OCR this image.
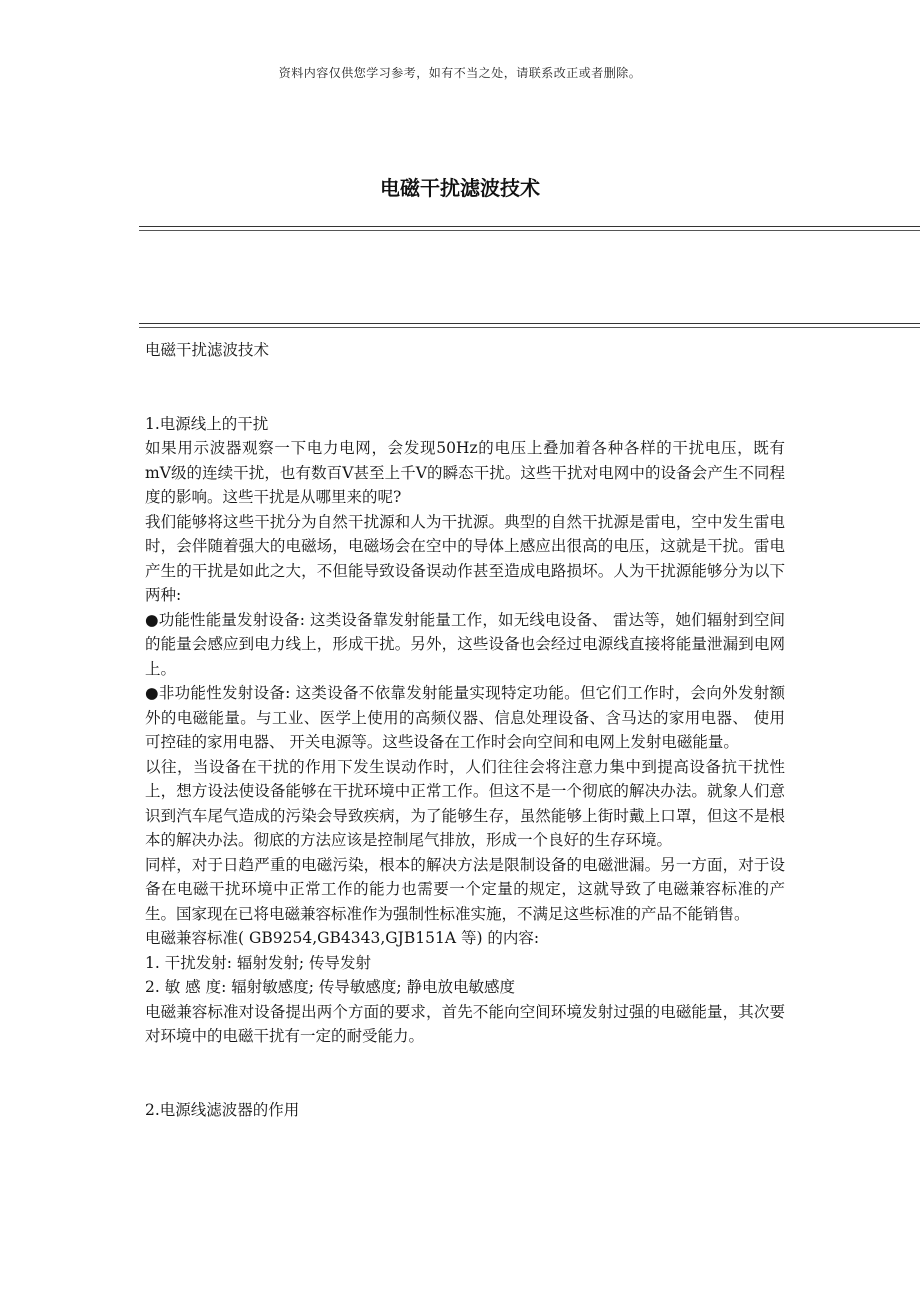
资料内容仅供您学习参考，如有不当之处，请联系改正或者删除。
电磁干扰滤波技术

电磁干扰滤波技术

1.电源线上的干扰

如果用示波器观察一下电力电网，会发现50Hz的电压上叠加着各种各样的干扰电压，既有mV级的连续干扰，也有数百V甚至上千V的瞬态干扰。这些干扰对电网中的设备会产生不同程度的影响。这些干扰是从哪里来的呢?

我们能够将这些干扰分为自然干扰源和人为干扰源。典型的自然干扰源是雷电，空中发生雷电时，会伴随着强大的电磁场，电磁场会在空中的导体上感应出很高的电压，这就是干扰。雷电产生的干扰是如此之大，不但能导致设备误动作甚至造成电路损坏。人为干扰源能够分为以下两种:

●功能性能量发射设备: 这类设备靠发射能量工作，如无线电设备、 雷达等，她们辐射到空间的能量会感应到电力线上，形成干扰。另外，这些设备也会经过电源线直接将能量泄漏到电网上。

●非功能性发射设备: 这类设备不依靠发射能量实现特定功能。但它们工作时，会向外发射额外的电磁能量。与工业、医学上使用的高频仪器、信息处理设备、含马达的家用电器、 使用可控硅的家用电器、 开关电源等。这些设备在工作时会向空间和电网上发射电磁能量。

以往，当设备在干扰的作用下发生误动作时，人们往往会将注意力集中到提高设备抗干扰性上，想方设法使设备能够在干扰环境中正常工作。但这不是一个彻底的解决办法。就象人们意识到汽车尾气造成的污染会导致疾病，为了能够生存，虽然能够上街时戴上口罩，但这不是根本的解决办法。彻底的方法应该是控制尾气排放，形成一个良好的生存环境。

同样，对于日趋严重的电磁污染，根本的解决方法是限制设备的电磁泄漏。另一方面，对于设备在电磁干扰环境中正常工作的能力也需要一个定量的规定，这就导致了电磁兼容标准的产生。国家现在已将电磁兼容标准作为强制性标准实施，不满足这些标准的产品不能销售。

电磁兼容标准( GB9254,GB4343,GJB151A 等) 的内容:

1. 干扰发射: 辐射发射; 传导发射

2. 敏 感 度: 辐射敏感度; 传导敏感度; 静电放电敏感度

电磁兼容标准对设备提出两个方面的要求，首先不能向空间环境发射过强的电磁能量，其次要对环境中的电磁干扰有一定的耐受能力。

2.电源线滤波器的作用
